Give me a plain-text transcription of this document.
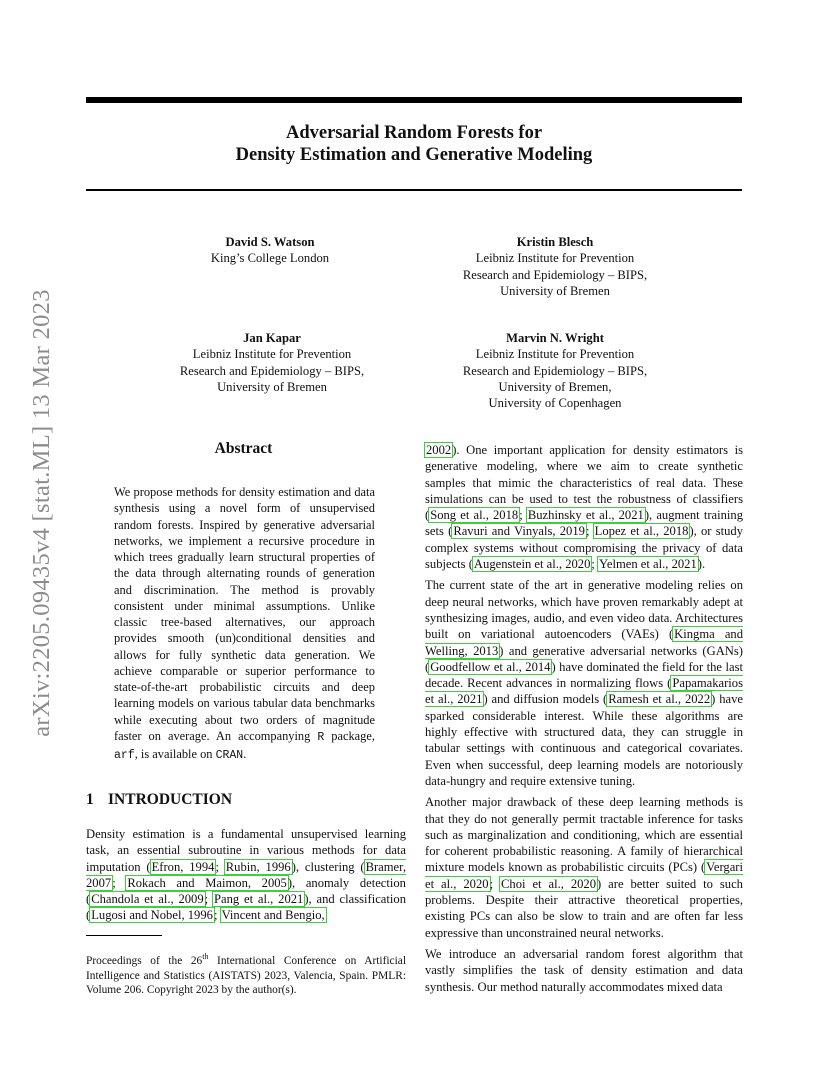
Adversarial Random Forests for
Density Estimation and Generative Modeling
arXiv:2205.09435v4 [stat.ML] 13 Mar 2023
David S. Watson
King’s College London
Kristin Blesch
Leibniz Institute for Prevention
Research and Epidemiology – BIPS,
University of Bremen
Jan Kapar
Leibniz Institute for Prevention
Research and Epidemiology – BIPS,
University of Bremen
Marvin N. Wright
Leibniz Institute for Prevention
Research and Epidemiology – BIPS,
University of Bremen,
University of Copenhagen
Abstract
We propose methods for density estimation and data synthesis using a novel form of unsupervised random forests. Inspired by generative adversarial networks, we implement a recursive procedure in which trees gradually learn structural properties of the data through alternating rounds of generation and discrimination. The method is provably consistent under minimal assumptions. Unlike classic tree-based alternatives, our approach provides smooth (un)conditional densities and allows for fully synthetic data generation. We achieve comparable or superior performance to state-of-the-art probabilistic circuits and deep learning models on various tabular data benchmarks while executing about two orders of magnitude faster on average. An accompanying R package, arf, is available on CRAN.
1 INTRODUCTION
Density estimation is a fundamental unsupervised learning task, an essential subroutine in various methods for data imputation (Efron, 1994; Rubin, 1996), clustering (Bramer, 2007; Rokach and Maimon, 2005), anomaly detection (Chandola et al., 2009; Pang et al., 2021), and classification (Lugosi and Nobel, 1996; Vincent and Bengio,
Proceedings of the 26th International Conference on Artificial Intelligence and Statistics (AISTATS) 2023, Valencia, Spain. PMLR: Volume 206. Copyright 2023 by the author(s).

2002). One important application for density estimators is generative modeling, where we aim to create synthetic samples that mimic the characteristics of real data. These simulations can be used to test the robustness of classifiers (Song et al., 2018; Buzhinsky et al., 2021), augment training sets (Ravuri and Vinyals, 2019; Lopez et al., 2018), or study complex systems without compromising the privacy of data subjects (Augenstein et al., 2020; Yelmen et al., 2021).

The current state of the art in generative modeling relies on deep neural networks, which have proven remarkably adept at synthesizing images, audio, and even video data. Architectures built on variational autoencoders (VAEs) (Kingma and Welling, 2013) and generative adversarial networks (GANs) (Goodfellow et al., 2014) have dominated the field for the last decade. Recent advances in normalizing flows (Papamakarios et al., 2021) and diffusion models (Ramesh et al., 2022) have sparked considerable interest. While these algorithms are highly effective with structured data, they can struggle in tabular settings with continuous and categorical covariates. Even when successful, deep learning models are notoriously data-hungry and require extensive tuning.

Another major drawback of these deep learning methods is that they do not generally permit tractable inference for tasks such as marginalization and conditioning, which are essential for coherent probabilistic reasoning. A family of hierarchical mixture models known as probabilistic circuits (PCs) (Vergari et al., 2020; Choi et al., 2020) are better suited to such problems. Despite their attractive theoretical properties, existing PCs can also be slow to train and are often far less expressive than unconstrained neural networks.

We introduce an adversarial random forest algorithm that vastly simplifies the task of density estimation and data synthesis. Our method naturally accommodates mixed data
